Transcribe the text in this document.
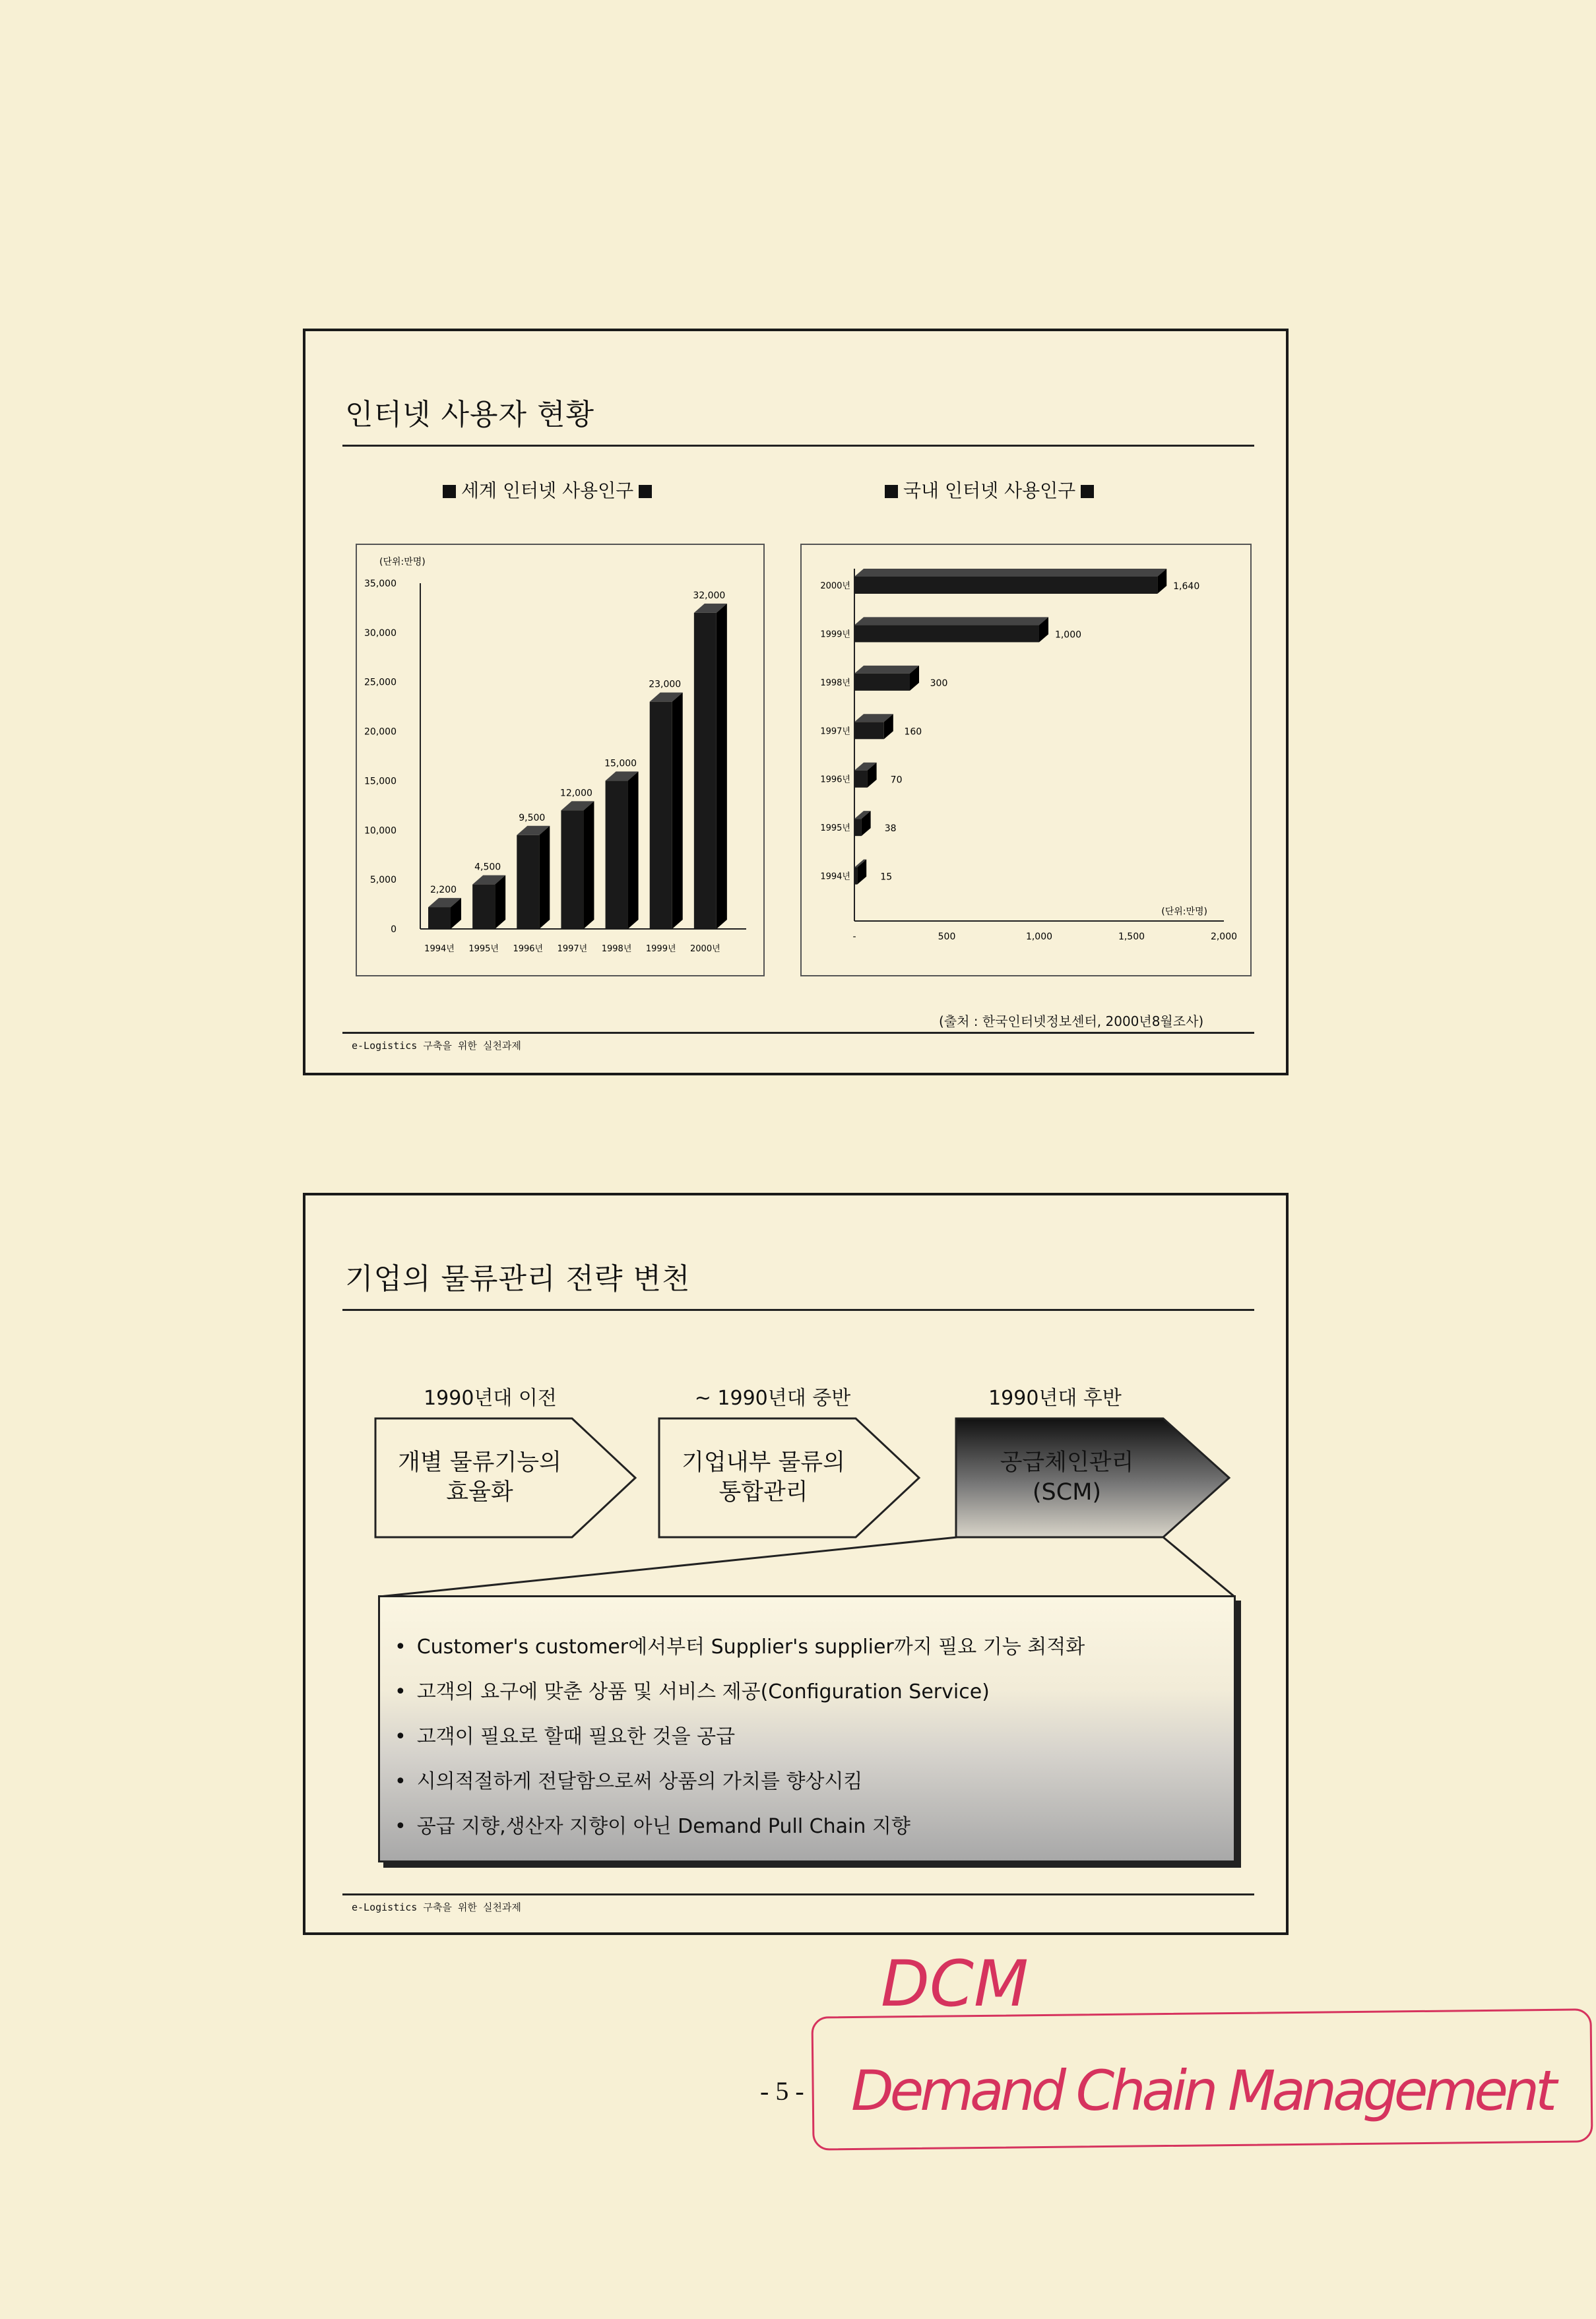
인터넷 사용자 현황
세계 인터넷 사용인구	국내 인터넷 사용인구
(단위:만명)
0
5,000
10,000
15,000
20,000
25,000
30,000
35,000
2,200
1994년
4,500
1995년
9,500
1996년
12,000
1997년
15,000
1998년
23,000
1999년
32,000
2000년
(단위:만명)
2000년	1,640
1999년	1,000
1998년	300
1997년	160
1996년	70
1995년	38
1994년	15
-	500	1,000	1,500	2,000
(출처 : 한국인터넷정보센터, 2000년8월조사)
e-Logistics 구축을 위한 실천과제
기업의 물류관리 전략 변천
1990년대 이전	~ 1990년대 중반	1990년대 후반
개별 물류기능의
효율화
기업내부 물류의
통합관리
공급체인관리
(SCM)
• Customer's customer에서부터 Supplier's supplier까지 필요 기능 최적화
• 고객의 요구에 맞춘 상품 및 서비스 제공(Configuration Service)
• 고객이 필요로 할때 필요한 것을 공급
• 시의적절하게 전달함으로써 상품의 가치를 향상시킴
• 공급 지향,생산자 지향이 아닌 Demand Pull Chain 지향
e-Logistics 구축을 위한 실천과제
- 5 -
DCM
Demand Chain Management
